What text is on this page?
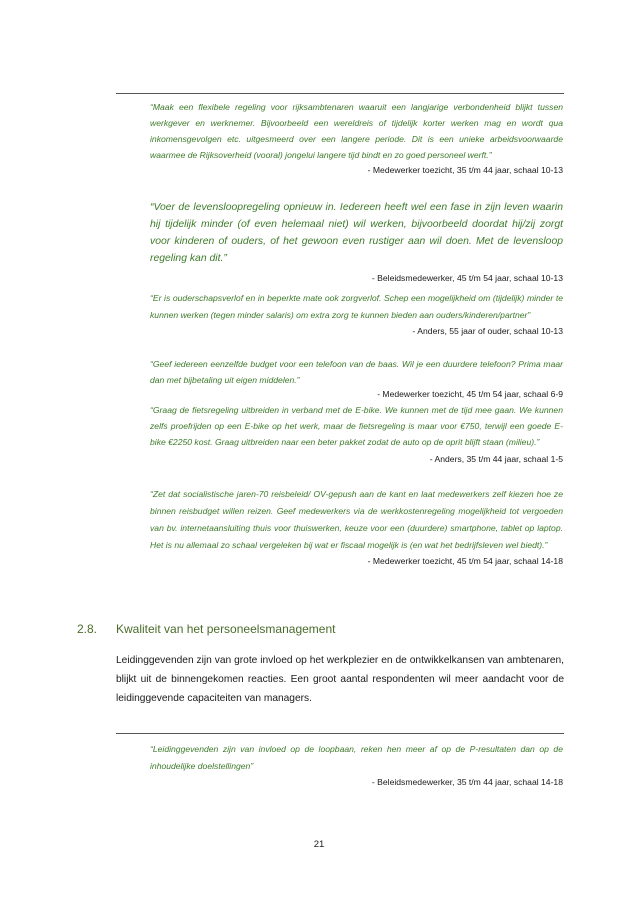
“Maak een flexibele regeling voor rijksambtenaren waaruit een langjarige verbondenheid blijkt tussen werkgever en werknemer. Bijvoorbeeld een wereldreis of tijdelijk korter werken mag en wordt qua inkomensgevolgen etc. uitgesmeerd over een langere periode. Dit is een unieke arbeidsvoorwaarde waarmee de Rijksoverheid (vooral) jongelui langere tijd bindt en zo goed personeel werft.”

- Medewerker toezicht, 35 t/m 44 jaar, schaal 10-13

“Voer de levensloopregeling opnieuw in. Iedereen heeft wel een fase in zijn leven waarin hij tijdelijk minder (of even helemaal niet) wil werken, bijvoorbeeld doordat hij/zij zorgt voor kinderen of ouders, of het gewoon even rustiger aan wil doen. Met de levensloop regeling kan dit.”

- Beleidsmedewerker, 45 t/m 54 jaar, schaal 10-13

“Er is ouderschapsverlof en in beperkte mate ook zorgverlof. Schep een mogelijkheid om (tijdelijk) minder te kunnen werken (tegen minder salaris) om extra zorg te kunnen bieden aan ouders/kinderen/partner”

- Anders, 55 jaar of ouder, schaal 10-13

“Geef iedereen eenzelfde budget voor een telefoon van de baas. Wil je een duurdere telefoon? Prima maar dan met bijbetaling uit eigen middelen.”

- Medewerker toezicht, 45 t/m 54 jaar, schaal 6-9

“Graag de fietsregeling uitbreiden in verband met de E-bike. We kunnen met de tijd mee gaan. We kunnen zelfs proefrijden op een E-bike op het werk, maar de fietsregeling is maar voor €750, terwijl een goede E-bike €2250 kost. Graag uitbreiden naar een beter pakket zodat de auto op de oprit blijft staan (milieu).”

- Anders, 35 t/m 44 jaar, schaal 1-5

“Zet dat socialistische jaren-70 reisbeleid/ OV-gepush aan de kant en laat medewerkers zelf kiezen hoe ze binnen reisbudget willen reizen. Geef medewerkers via de werkkostenregeling mogelijkheid tot vergoeden van bv. internetaansluiting thuis voor thuiswerken, keuze voor een (duurdere) smartphone, tablet op laptop. Het is nu allemaal zo schaal vergeleken bij wat er fiscaal mogelijk is (en wat het bedrijfsleven wel biedt).”

- Medewerker toezicht, 45 t/m 54 jaar, schaal 14-18

2.8. Kwaliteit van het personeelsmanagement

Leidinggevenden zijn van grote invloed op het werkplezier en de ontwikkelkansen van ambtenaren, blijkt uit de binnengekomen reacties. Een groot aantal respondenten wil meer aandacht voor de leidinggevende capaciteiten van managers.

“Leidinggevenden zijn van invloed op de loopbaan, reken hen meer af op de P-resultaten dan op de inhoudelijke doelstellingen”

- Beleidsmedewerker, 35 t/m 44 jaar, schaal 14-18

21
